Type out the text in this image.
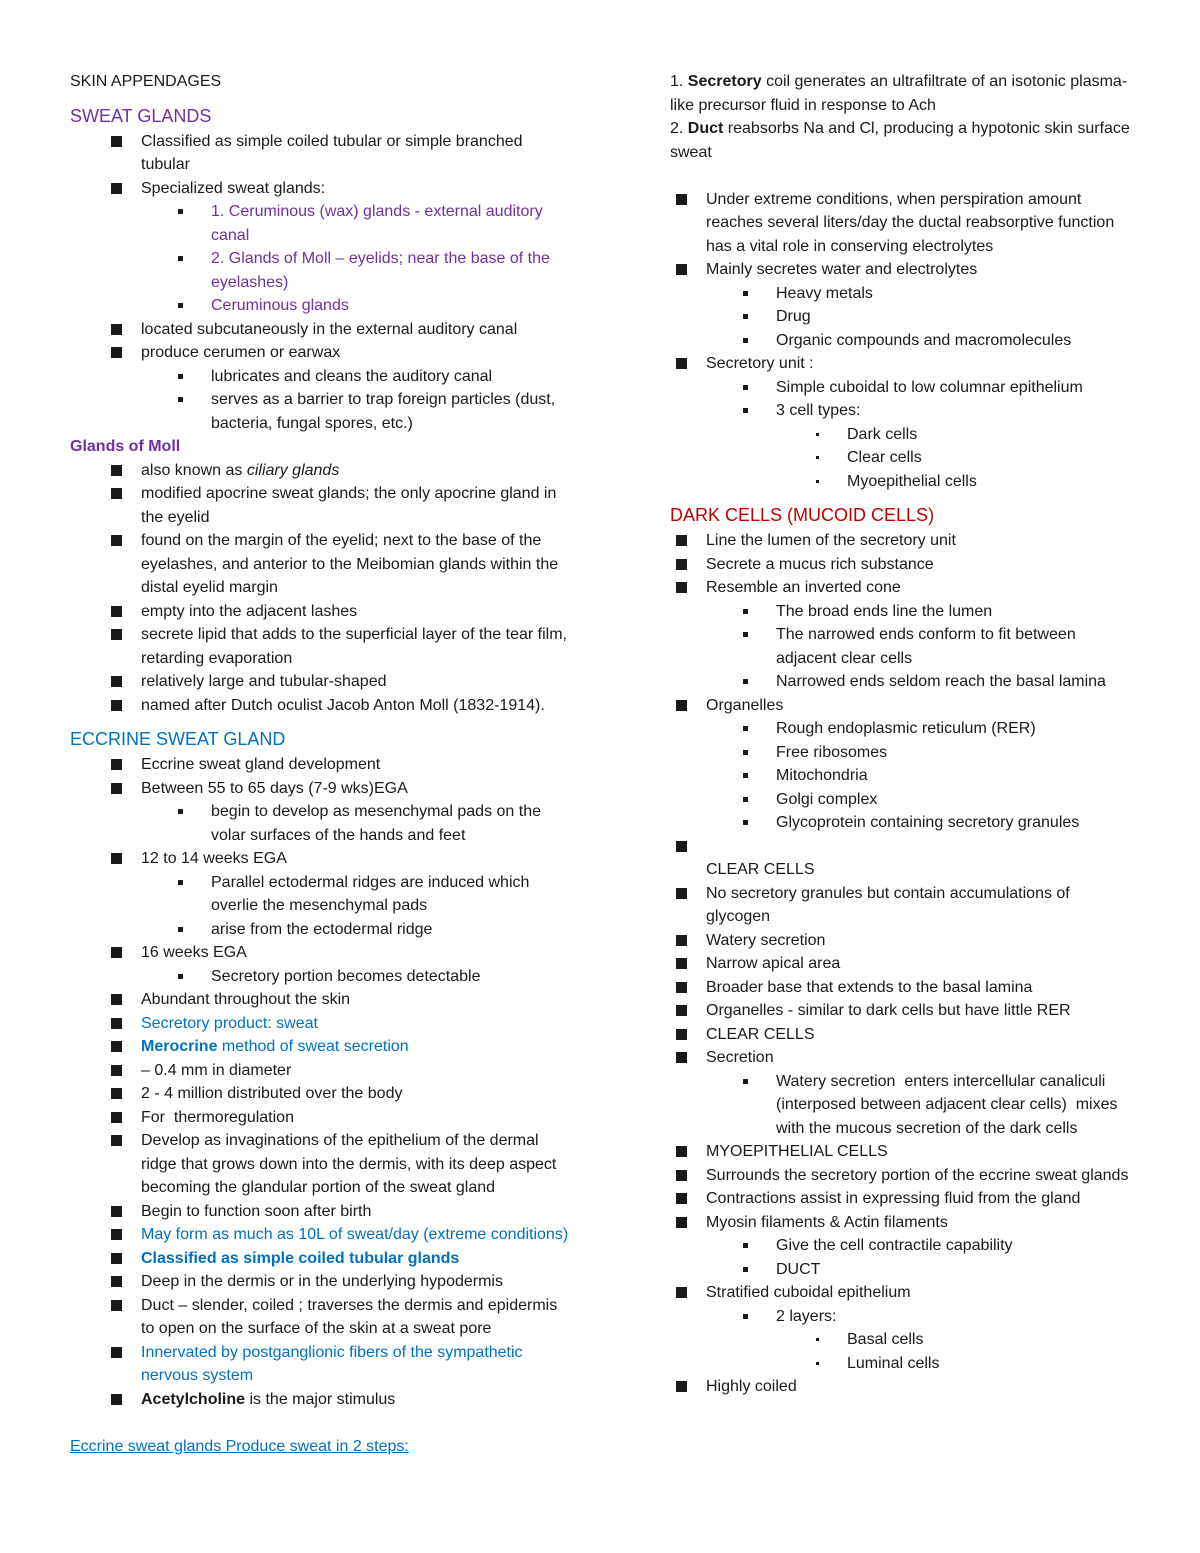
SKIN APPENDAGES
SWEAT GLANDS
Classified as simple coiled tubular or simple branched tubular
Specialized sweat glands:
1. Ceruminous (wax) glands - external auditory canal
2. Glands of Moll – eyelids; near the base of the eyelashes)
Ceruminous glands
located subcutaneously in the external auditory canal
produce cerumen or earwax
lubricates and cleans the auditory canal
serves as a barrier to trap foreign particles (dust, bacteria, fungal spores, etc.)
Glands of Moll
also known as ciliary glands
modified apocrine sweat glands; the only apocrine gland in the eyelid
found on the margin of the eyelid; next to the base of the eyelashes, and anterior to the Meibomian glands within the distal eyelid margin
empty into the adjacent lashes
secrete lipid that adds to the superficial layer of the tear film, retarding evaporation
relatively large and tubular-shaped
named after Dutch oculist Jacob Anton Moll (1832-1914).
ECCRINE SWEAT GLAND
Eccrine sweat gland development
Between 55 to 65 days (7-9 wks)EGA
begin to develop as mesenchymal pads on the volar surfaces of the hands and feet
12 to 14 weeks EGA
Parallel ectodermal ridges are induced which overlie the mesenchymal pads
arise from the ectodermal ridge
16 weeks EGA
Secretory portion becomes detectable
Abundant throughout the skin
Secretory product: sweat
Merocrine method of sweat secretion
– 0.4 mm in diameter
2 - 4 million distributed over the body
For  thermoregulation
Develop as invaginations of the epithelium of the dermal ridge that grows down into the dermis, with its deep aspect becoming the glandular portion of the sweat gland
Begin to function soon after birth
May form as much as 10L of sweat/day (extreme conditions)
Classified as simple coiled tubular glands
Deep in the dermis or in the underlying hypodermis
Duct – slender, coiled ; traverses the dermis and epidermis to open on the surface of the skin at a sweat pore
Innervated by postganglionic fibers of the sympathetic nervous system
Acetylcholine is the major stimulus
Eccrine sweat glands Produce sweat in 2 steps:
1. Secretory coil generates an ultrafiltrate of an isotonic plasma-like precursor fluid in response to Ach
2. Duct reabsorbs Na and Cl, producing a hypotonic skin surface sweat
Under extreme conditions, when perspiration amount reaches several liters/day the ductal reabsorptive function has a vital role in conserving electrolytes
Mainly secretes water and electrolytes
Heavy metals
Drug
Organic compounds and macromolecules
Secretory unit :
Simple cuboidal to low columnar epithelium
3 cell types:
Dark cells
Clear cells
Myoepithelial cells
DARK CELLS (MUCOID CELLS)
Line the lumen of the secretory unit
Secrete a mucus rich substance
Resemble an inverted cone
The broad ends line the lumen
The narrowed ends conform to fit between adjacent clear cells
Narrowed ends seldom reach the basal lamina
Organelles
Rough endoplasmic reticulum (RER)
Free ribosomes
Mitochondria
Golgi complex
Glycoprotein containing secretory granules
CLEAR CELLS
No secretory granules but contain accumulations of glycogen
Watery secretion
Narrow apical area
Broader base that extends to the basal lamina
Organelles - similar to dark cells but have little RER
CLEAR CELLS
Secretion
Watery secretion  enters intercellular canaliculi (interposed between adjacent clear cells)  mixes with the mucous secretion of the dark cells
MYOEPITHELIAL CELLS
Surrounds the secretory portion of the eccrine sweat glands
Contractions assist in expressing fluid from the gland
Myosin filaments & Actin filaments
Give the cell contractile capability
DUCT
Stratified cuboidal epithelium
2 layers:
Basal cells
Luminal cells
Highly coiled
